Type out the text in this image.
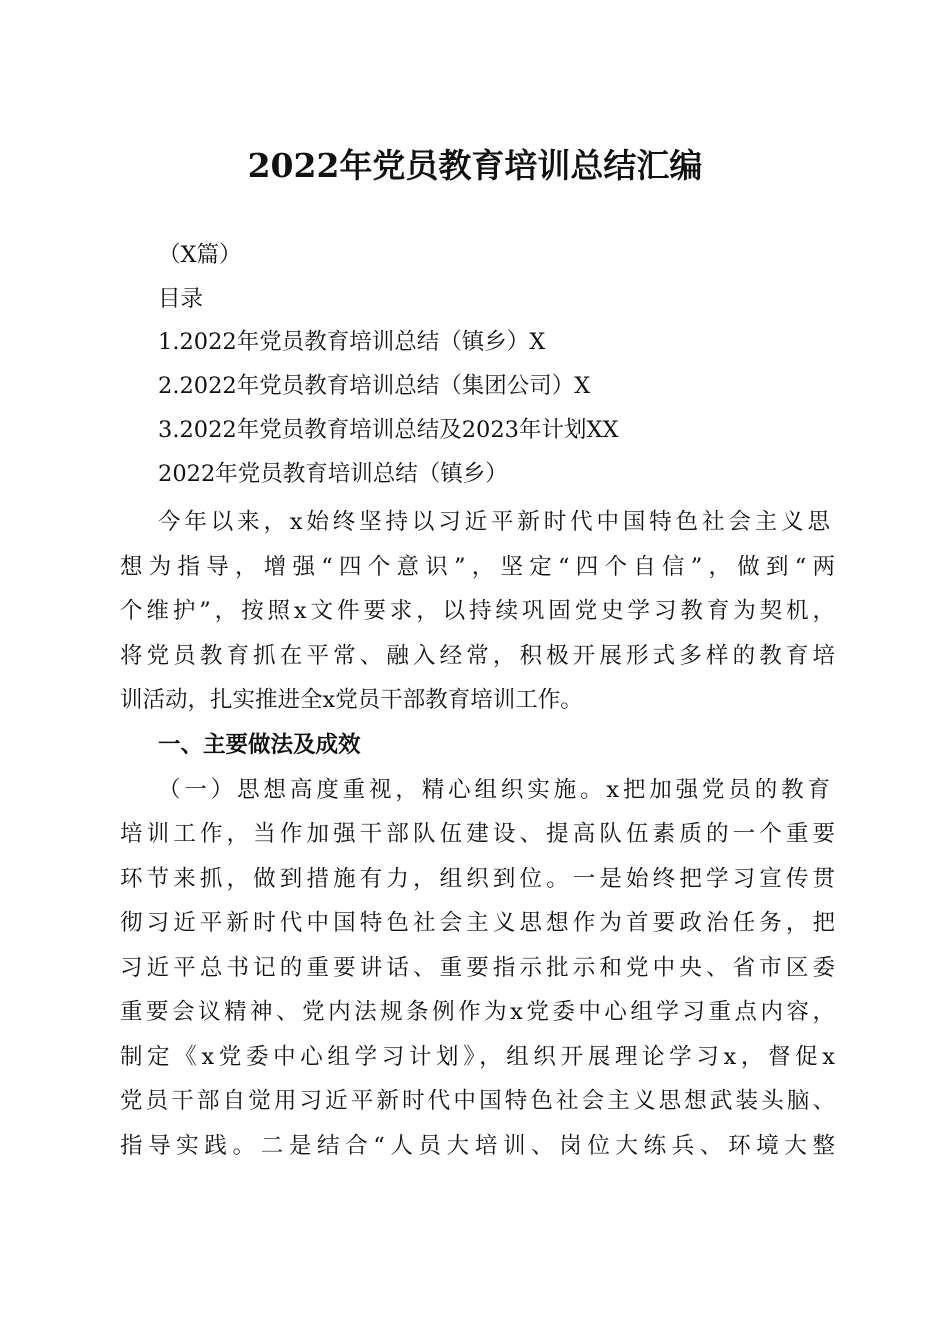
2022年党员教育培训总结汇编
（X篇）
目录
1.2022年党员教育培训总结（镇乡）X
2.2022年党员教育培训总结（集团公司）X
3.2022年党员教育培训总结及2023年计划XX
2022年党员教育培训总结（镇乡）
今年以来，x始终坚持以习近平新时代中国特色社会主义思
想为指导，增强“四个意识”，坚定“四个自信”，做到“两
个维护”，按照x文件要求，以持续巩固党史学习教育为契机，
将党员教育抓在平常、融入经常，积极开展形式多样的教育培
训活动，扎实推进全x党员干部教育培训工作。
一、主要做法及成效
（一）思想高度重视，精心组织实施。x把加强党员的教育
培训工作，当作加强干部队伍建设、提高队伍素质的一个重要
环节来抓，做到措施有力，组织到位。一是始终把学习宣传贯
彻习近平新时代中国特色社会主义思想作为首要政治任务，把
习近平总书记的重要讲话、重要指示批示和党中央、省市区委
重要会议精神、党内法规条例作为x党委中心组学习重点内容，
制定《x党委中心组学习计划》，组织开展理论学习x，督促x
党员干部自觉用习近平新时代中国特色社会主义思想武装头脑、
指导实践。二是结合“人员大培训、岗位大练兵、环境大整
